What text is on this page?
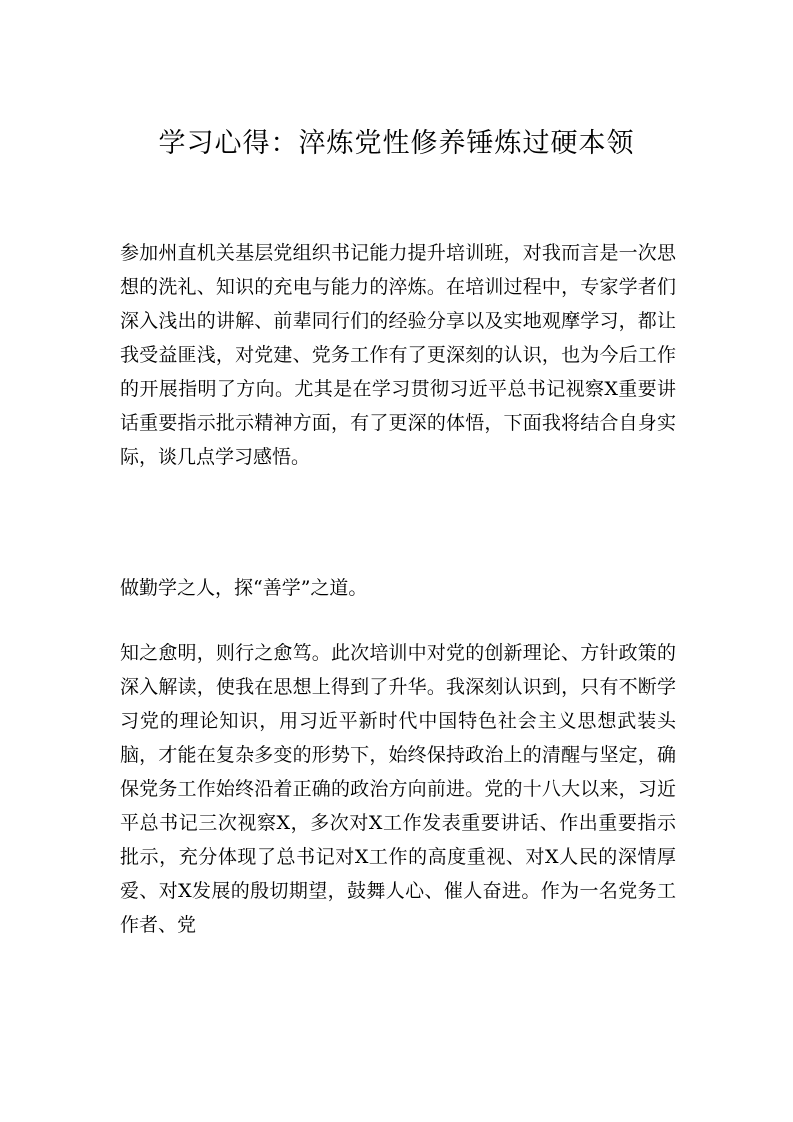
学习心得：淬炼党性修养锤炼过硬本领

参加州直机关基层党组织书记能力提升培训班，对我而言是一次思想的洗礼、知识的充电与能力的淬炼。在培训过程中，专家学者们深入浅出的讲解、前辈同行们的经验分享以及实地观摩学习，都让我受益匪浅，对党建、党务工作有了更深刻的认识，也为今后工作的开展指明了方向。尤其是在学习贯彻习近平总书记视察X重要讲话重要指示批示精神方面，有了更深的体悟，下面我将结合自身实际，谈几点学习感悟。

做勤学之人，探“善学”之道。

知之愈明，则行之愈笃。此次培训中对党的创新理论、方针政策的深入解读，使我在思想上得到了升华。我深刻认识到，只有不断学习党的理论知识，用习近平新时代中国特色社会主义思想武装头脑，才能在复杂多变的形势下，始终保持政治上的清醒与坚定，确保党务工作始终沿着正确的政治方向前进。党的十八大以来，习近平总书记三次视察X，多次对X工作发表重要讲话、作出重要指示批示，充分体现了总书记对X工作的高度重视、对X人民的深情厚爱、对X发展的殷切期望，鼓舞人心、催人奋进。作为一名党务工作者、党
